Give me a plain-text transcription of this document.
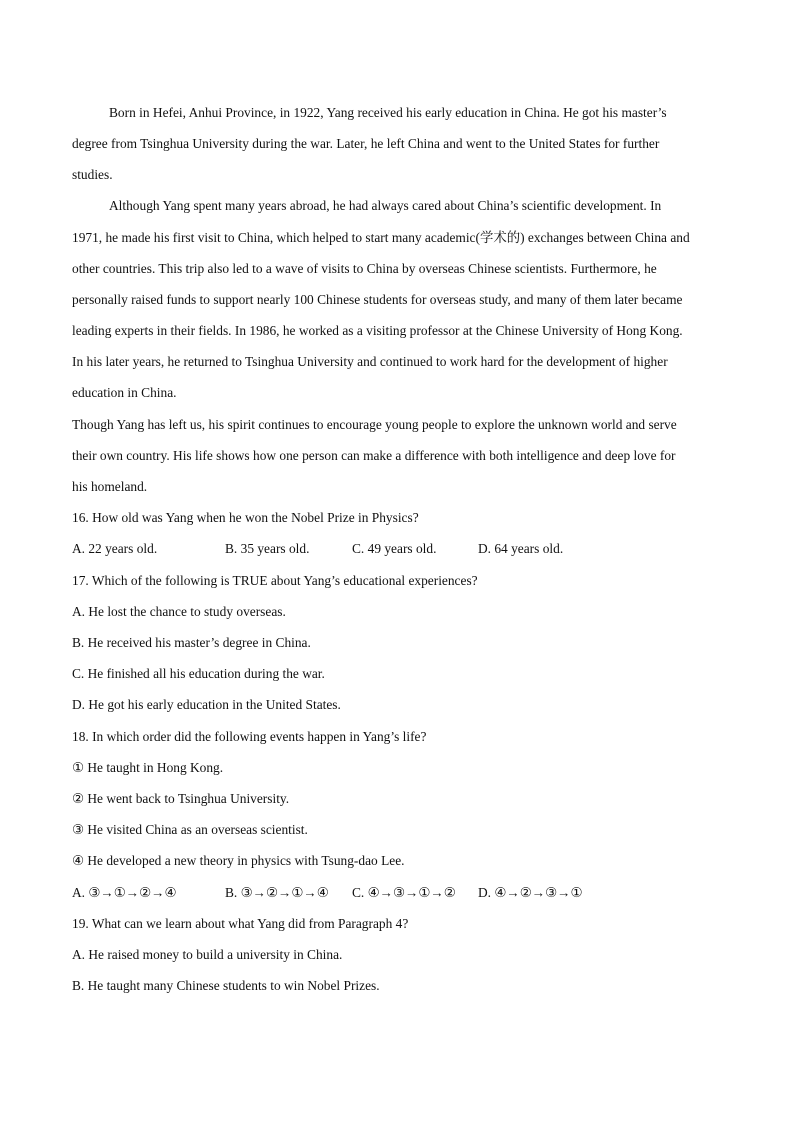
Born in Hefei, Anhui Province, in 1922, Yang received his early education in China. He got his master’s
degree from Tsinghua University during the war. Later, he left China and went to the United States for further
studies.
Although Yang spent many years abroad, he had always cared about China’s scientific development. In
1971, he made his first visit to China, which helped to start many academic(学术的) exchanges between China and
other countries. This trip also led to a wave of visits to China by overseas Chinese scientists. Furthermore, he
personally raised funds to support nearly 100 Chinese students for overseas study, and many of them later became
leading experts in their fields. In 1986, he worked as a visiting professor at the Chinese University of Hong Kong.
In his later years, he returned to Tsinghua University and continued to work hard for the development of higher
education in China.
Though Yang has left us, his spirit continues to encourage young people to explore the unknown world and serve
their own country. His life shows how one person can make a difference with both intelligence and deep love for
his homeland.
16. How old was Yang when he won the Nobel Prize in Physics?
A. 22 years old.	B. 35 years old.	C. 49 years old.	D. 64 years old.
17. Which of the following is TRUE about Yang’s educational experiences?
A. He lost the chance to study overseas.
B. He received his master’s degree in China.
C. He finished all his education during the war.
D. He got his early education in the United States.
18. In which order did the following events happen in Yang’s life?
① He taught in Hong Kong.
② He went back to Tsinghua University.
③ He visited China as an overseas scientist.
④ He developed a new theory in physics with Tsung-dao Lee.
A. ③→①→②→④	B. ③→②→①→④ C. ④→③→①→② D. ④→②→③→①
19. What can we learn about what Yang did from Paragraph 4?
A. He raised money to build a university in China.
B. He taught many Chinese students to win Nobel Prizes.
